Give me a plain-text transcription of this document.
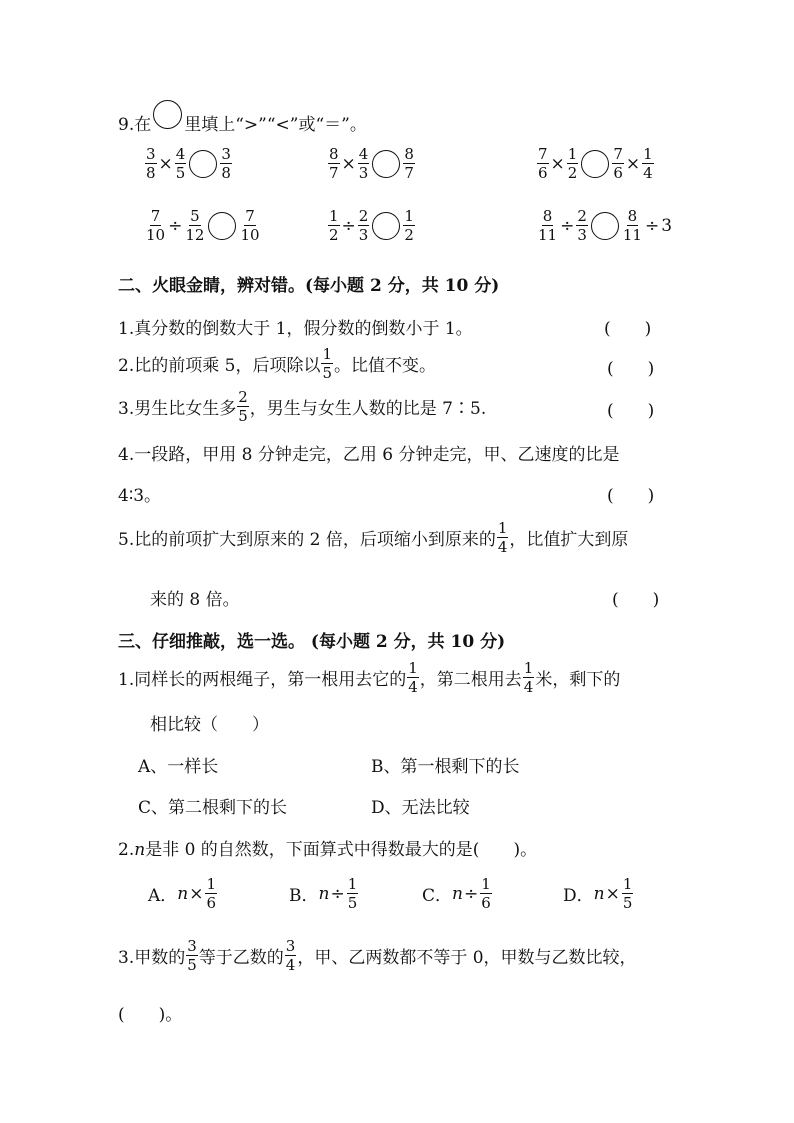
9.在 里填上“>”“<”或“＝”。
$\frac{3}{8} \times \frac{4}{5} \frac{3}{8}$	$\frac{8}{7} \times \frac{4}{3} \frac{8}{7}$	$\frac{7}{6} \times \frac{1}{2} \frac{7}{6} \times \frac{1}{4}$
$\frac{7}{10} \div \frac{5}{12} \frac{7}{10}$	$\frac{1}{2} \div \frac{2}{3} \frac{1}{2}$	$\frac{8}{11} \div \frac{2}{3} \frac{8}{11} \div 3$
二、火眼金睛，辨对错。(每小题 2 分，共 10 分)
1.真分数的倒数大于 1，假分数的倒数小于 1。	(　　)
2.比的前项乘 5，后项除以 $\frac{1}{5}$ 。比值不变。	(　　)
3.男生比女生多 $\frac{2}{5}$ ，男生与女生人数的比是 7∶5.	(　　)
4.一段路，甲用 8 分钟走完，乙用 6 分钟走完，甲、乙速度的比是
4∶3。	(　　)
5.比的前项扩大到原来的 2 倍，后项缩小到原来的 $\frac{1}{4}$ ，比值扩大到原
来的 8 倍。	(　　)
三、仔细推敲，选一选。 (每小题 2 分，共 10 分)
1.同样长的两根绳子，第一根用去它的 $\frac{1}{4}$ ，第二根用去 $\frac{1}{4}$ 米，剩下的
相比较（　　）
A、一样长	B、第一根剩下的长
C、第二根剩下的长	D、无法比较
2.n是非 0 的自然数，下面算式中得数最大的是(　　)。
A． $n \times \frac{1}{6}$	B． $n \div \frac{1}{5}$	C． $n \div \frac{1}{6}$	D． $n \times \frac{1}{5}$
3.甲数的 $\frac{3}{5}$ 等于乙数的 $\frac{3}{4}$ ，甲、乙两数都不等于 0，甲数与乙数比较，
(　　)。
